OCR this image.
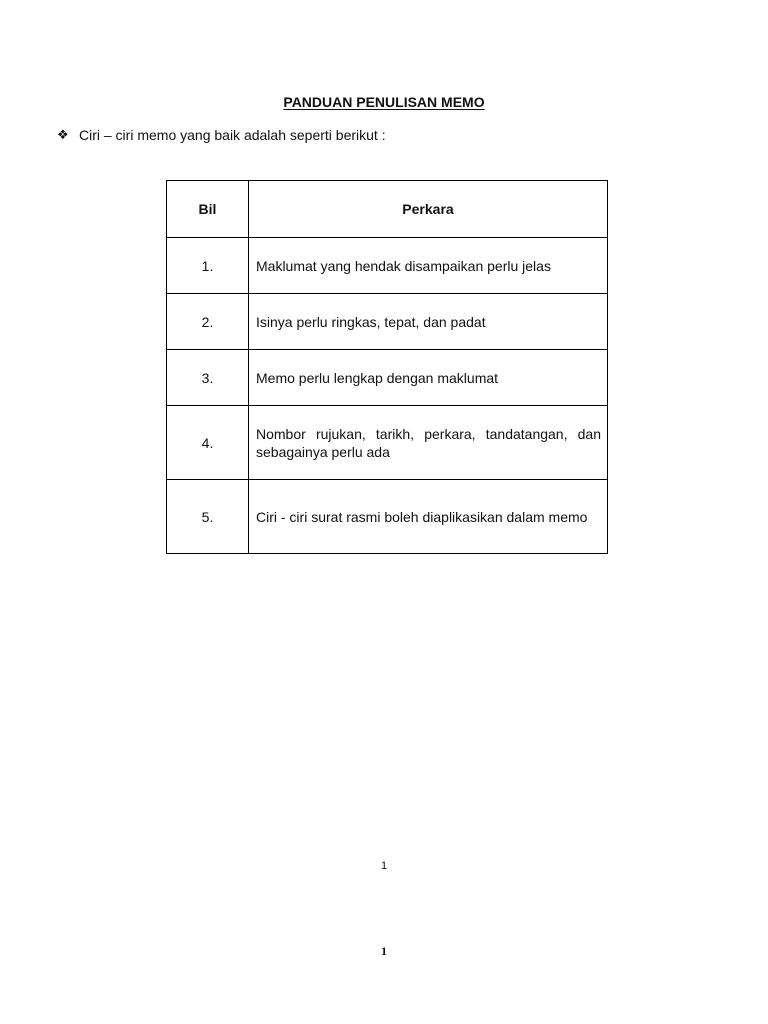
PANDUAN PENULISAN MEMO
❖ Ciri – ciri memo yang baik adalah seperti berikut :
Bil	Perkara
1.	Maklumat yang hendak disampaikan perlu jelas
2.	Isinya perlu ringkas, tepat, dan padat
3.	Memo perlu lengkap dengan maklumat
4.	Nombor rujukan, tarikh, perkara, tandatangan, dan sebagainya perlu ada
5.	Ciri - ciri surat rasmi boleh diaplikasikan dalam memo
1
1
